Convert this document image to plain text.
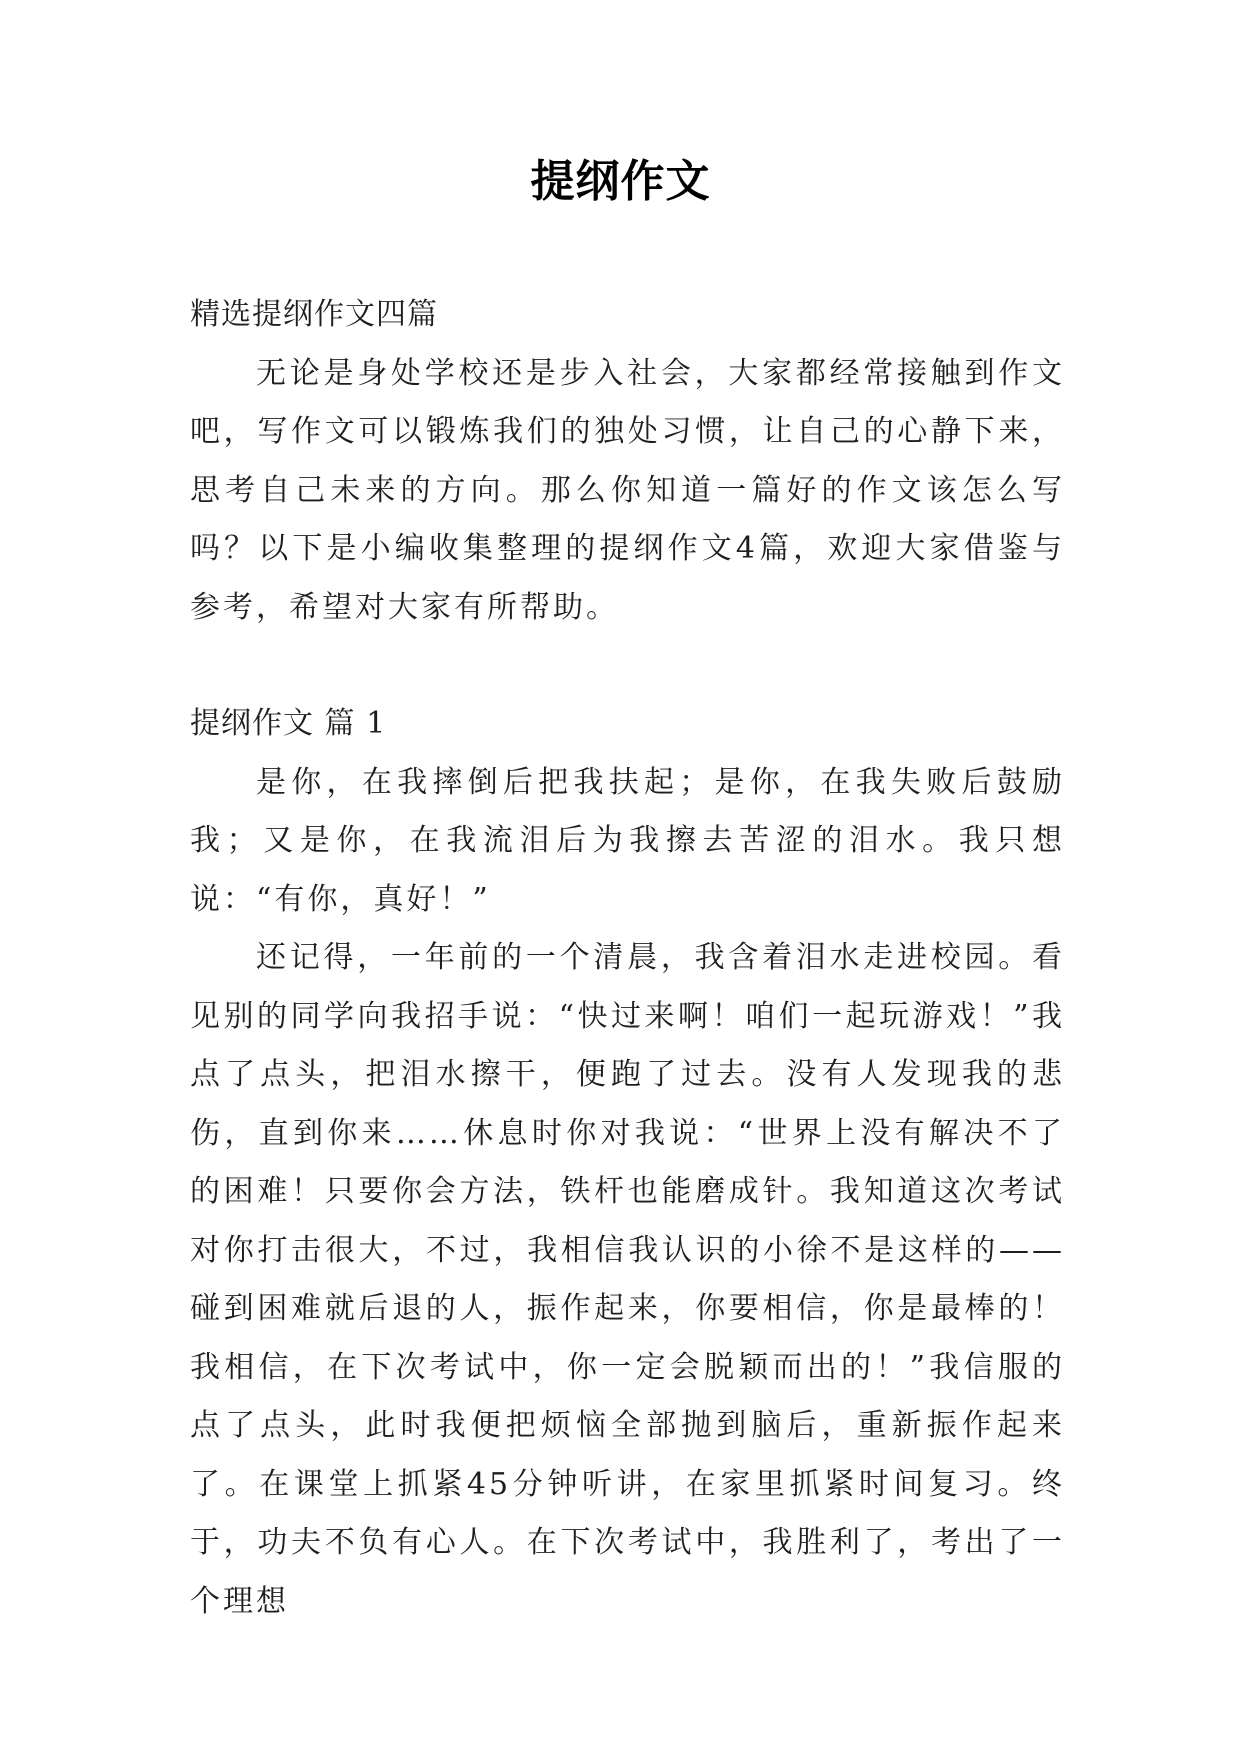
提纲作文

精选提纲作文四篇

无论是身处学校还是步入社会，大家都经常接触到作文吧，写作文可以锻炼我们的独处习惯，让自己的心静下来，思考自己未来的方向。那么你知道一篇好的作文该怎么写吗？以下是小编收集整理的提纲作文4篇，欢迎大家借鉴与参考，希望对大家有所帮助。

提纲作文 篇 1

是你，在我摔倒后把我扶起；是你，在我失败后鼓励我；又是你，在我流泪后为我擦去苦涩的泪水。我只想说：“有你，真好！”

还记得，一年前的一个清晨，我含着泪水走进校园。看见别的同学向我招手说：“快过来啊！咱们一起玩游戏！”我点了点头，把泪水擦干，便跑了过去。没有人发现我的悲伤，直到你来……休息时你对我说：“世界上没有解决不了的困难！只要你会方法，铁杆也能磨成针。我知道这次考试对你打击很大，不过，我相信我认识的小徐不是这样的——碰到困难就后退的人，振作起来，你要相信，你是最棒的！我相信，在下次考试中，你一定会脱颖而出的！”我信服的点了点头，此时我便把烦恼全部抛到脑后，重新振作起来了。在课堂上抓紧45分钟听讲，在家里抓紧时间复习。终于，功夫不负有心人。在下次考试中，我胜利了，考出了一个理想
